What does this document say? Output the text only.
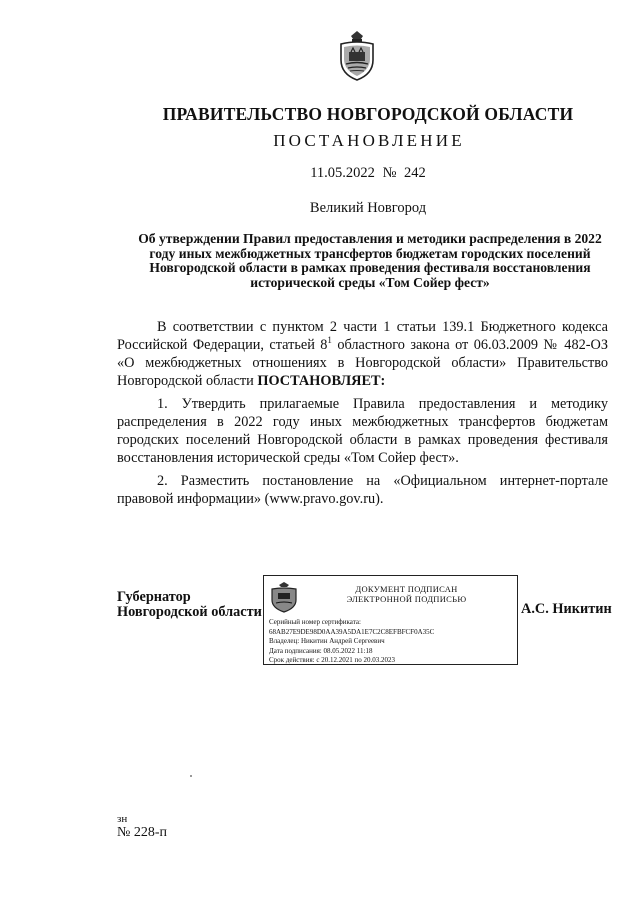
ПРАВИТЕЛЬСТВО НОВГОРОДСКОЙ ОБЛАСТИ
ПОСТАНОВЛЕНИЕ
11.05.2022 № 242
Великий Новгород
Об утверждении Правил предоставления и методики распределения в 2022 году иных межбюджетных трансфертов бюджетам городских поселений Новгородской области в рамках проведения фестиваля восстановления исторической среды «Том Сойер фест»

В соответствии с пунктом 2 части 1 статьи 139.1 Бюджетного кодекса Российской Федерации, статьей $8^1$ областного закона от 06.03.2009 № 482-ОЗ «О межбюджетных отношениях в Новгородской области» Правительство Новгородской области ПОСТАНОВЛЯЕТ:

1. Утвердить прилагаемые Правила предоставления и методику распределения в 2022 году иных межбюджетных трансфертов бюджетам городских поселений Новгородской области в рамках проведения фестиваля восстановления исторической среды «Том Сойер фест».

2. Разместить постановление на «Официальном интернет-портале правовой информации» (www.pravo.gov.ru).

Губернатор
Новгородской области
ДОКУМЕНТ ПОДПИСАН
ЭЛЕКТРОННОЙ ПОДПИСЬЮ
Серийный номер сертификата:
68AB27E9DE98D0AA39A5DA1E7C2C8EFBFCF0A35C
Владелец: Никитин Андрей Сергеевич
Дата подписания: 08.05.2022 11:18
Срок действия: с 20.12.2021 по 20.03.2023
А.С. Никитин
зн
№ 228-п
